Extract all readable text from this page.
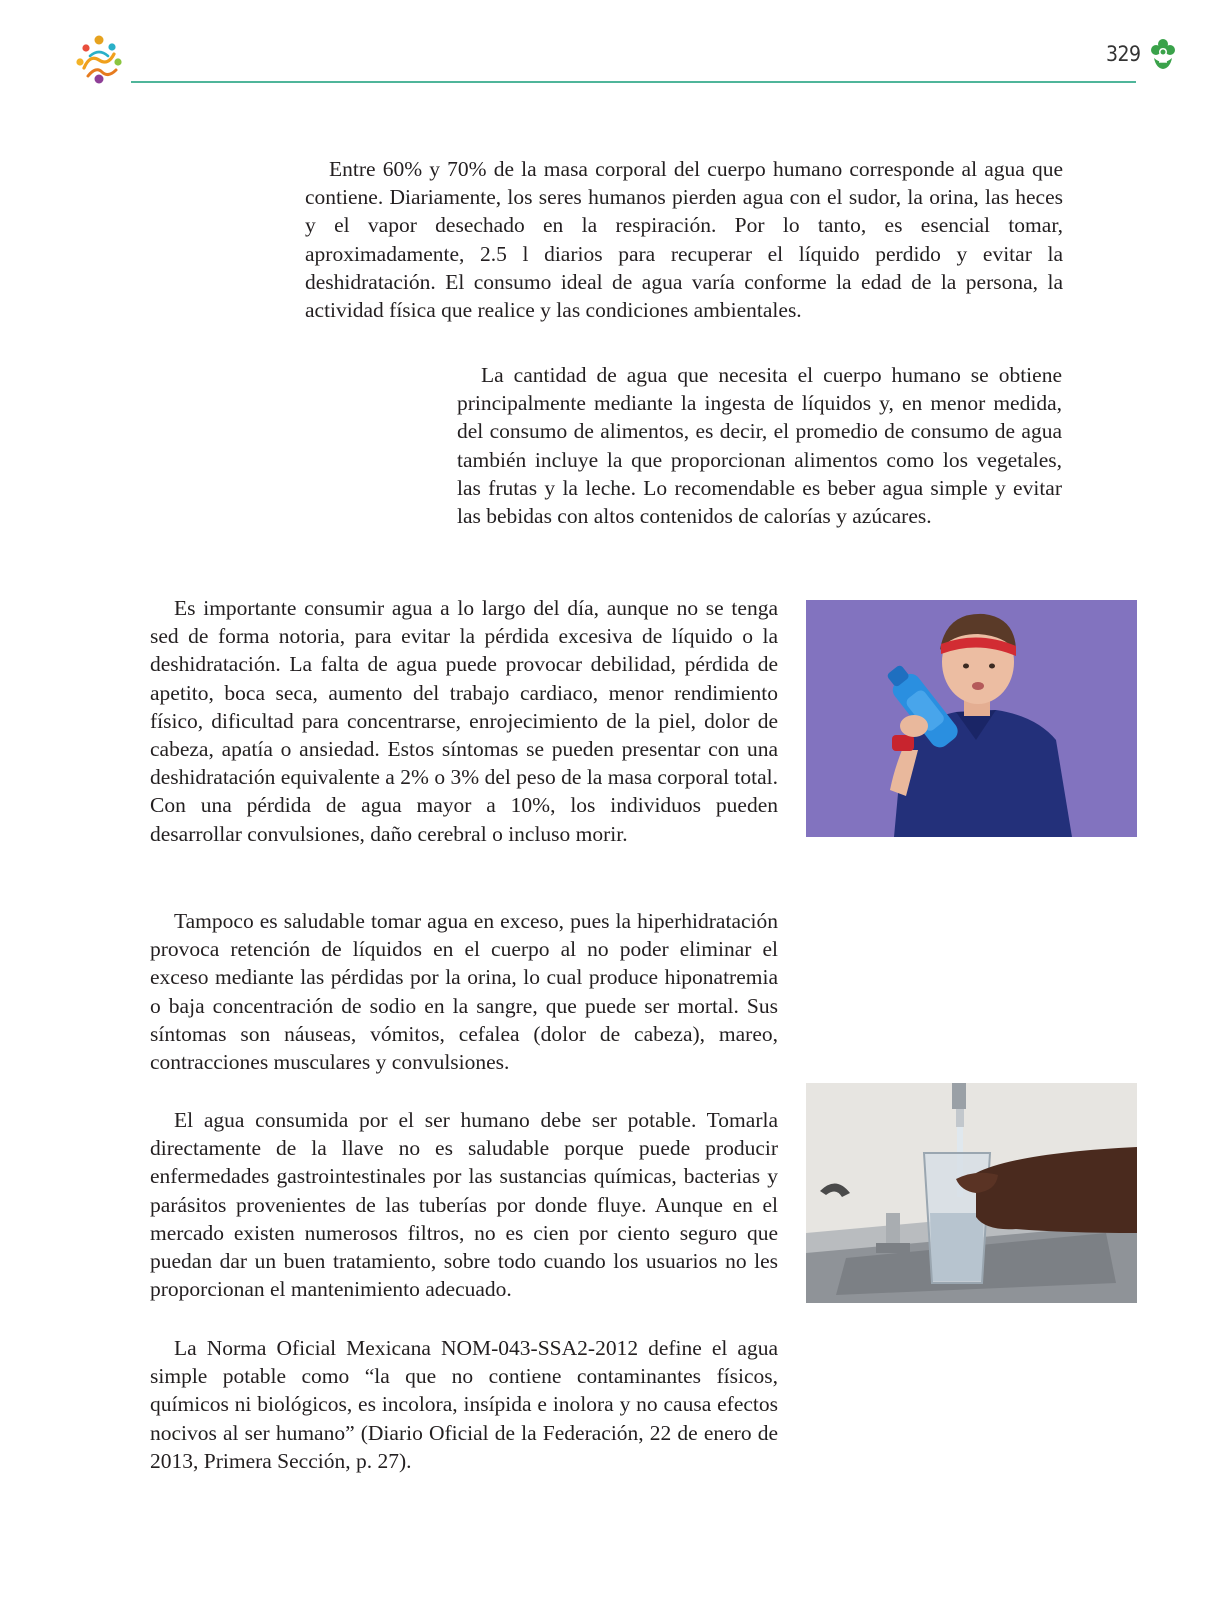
329

Entre 60% y 70% de la masa corporal del cuerpo humano corresponde al agua que contiene. Diariamente, los seres humanos pierden agua con el sudor, la orina, las heces y el vapor desechado en la respiración. Por lo tanto, es esencial tomar, aproximadamente, 2.5 l diarios para recuperar el líquido perdido y evitar la deshidratación. El consumo ideal de agua varía conforme la edad de la persona, la actividad física que realice y las condiciones ambientales.

La cantidad de agua que necesita el cuerpo humano se obtiene principalmente mediante la ingesta de líquidos y, en menor medida, del consumo de alimentos, es decir, el promedio de consumo de agua también incluye la que proporcionan alimentos como los vegetales, las frutas y la leche. Lo recomendable es beber agua simple y evitar las bebidas con altos contenidos de calorías y azúcares.

Es importante consumir agua a lo largo del día, aunque no se tenga sed de forma notoria, para evitar la pérdida excesiva de líquido o la deshidratación. La falta de agua puede provocar debilidad, pérdida de apetito, boca seca, aumento del trabajo cardiaco, menor rendimiento físico, dificultad para concentrarse, enrojecimiento de la piel, dolor de cabeza, apatía o ansiedad. Estos síntomas se pueden presentar con una deshidratación equivalente a 2% o 3% del peso de la masa corporal total. Con una pérdida de agua mayor a 10%, los individuos pueden desarrollar convulsiones, daño cerebral o incluso morir.

Tampoco es saludable tomar agua en exceso, pues la hiperhidratación provoca retención de líquidos en el cuerpo al no poder eliminar el exceso mediante las pérdidas por la orina, lo cual produce hiponatremia o baja concentración de sodio en la sangre, que puede ser mortal. Sus síntomas son náuseas, vómitos, cefalea (dolor de cabeza), mareo, contracciones musculares y convulsiones.

El agua consumida por el ser humano debe ser potable. Tomarla directamente de la llave no es saludable porque puede producir enfermedades gastrointestinales por las sustancias químicas, bacterias y parásitos provenientes de las tuberías por donde fluye. Aunque en el mercado existen numerosos filtros, no es cien por ciento seguro que puedan dar un buen tratamiento, sobre todo cuando los usuarios no les proporcionan el mantenimiento adecuado.

La Norma Oficial Mexicana NOM-043-SSA2-2012 define el agua simple potable como “la que no contiene contaminantes físicos, químicos ni biológicos, es incolora, insípida e inolora y no causa efectos nocivos al ser humano” (Diario Oficial de la Federación, 22 de enero de 2013, Primera Sección, p. 27).
